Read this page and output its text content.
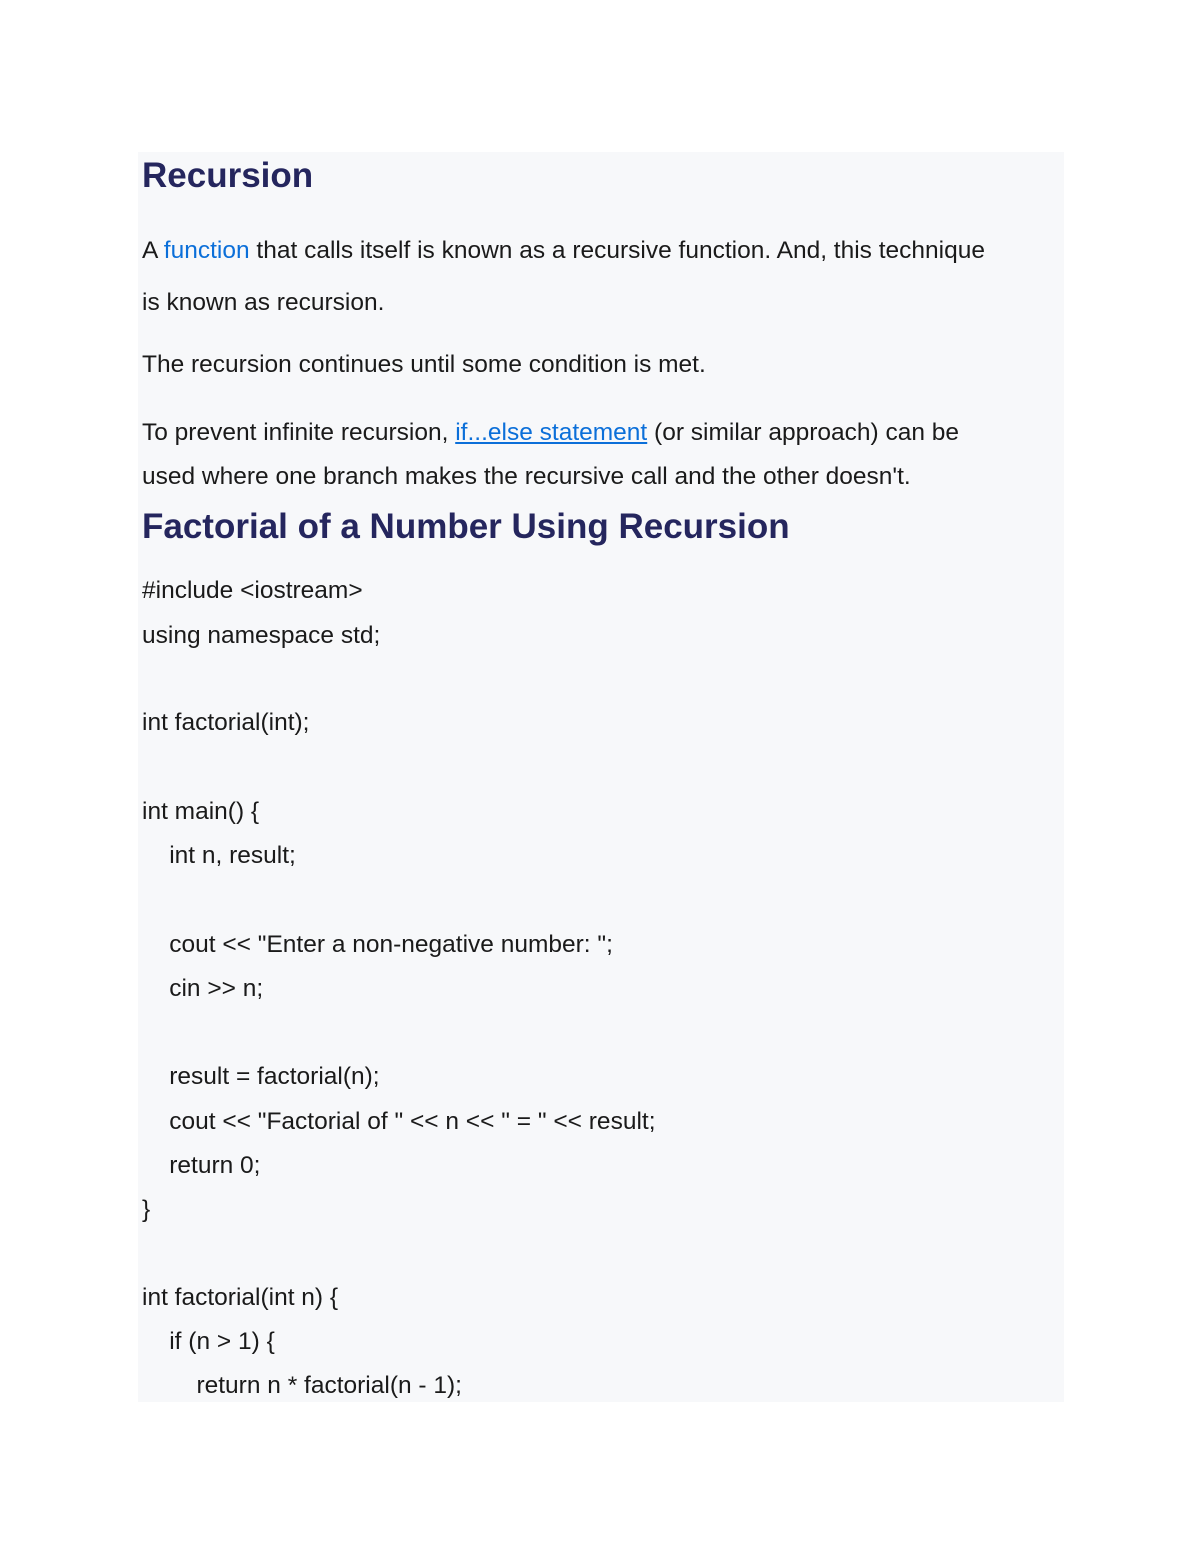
Recursion
A function that calls itself is known as a recursive function. And, this technique
is known as recursion.
The recursion continues until some condition is met.
To prevent infinite recursion, if...else statement (or similar approach) can be
used where one branch makes the recursive call and the other doesn't.
Factorial of a Number Using Recursion
#include <iostream>
using namespace std;
int factorial(int);
int main() {
int n, result;
cout << "Enter a non-negative number: ";
cin >> n;
result = factorial(n);
cout << "Factorial of " << n << " = " << result;
return 0;
}
int factorial(int n) {
if (n > 1) {
return n * factorial(n - 1);
